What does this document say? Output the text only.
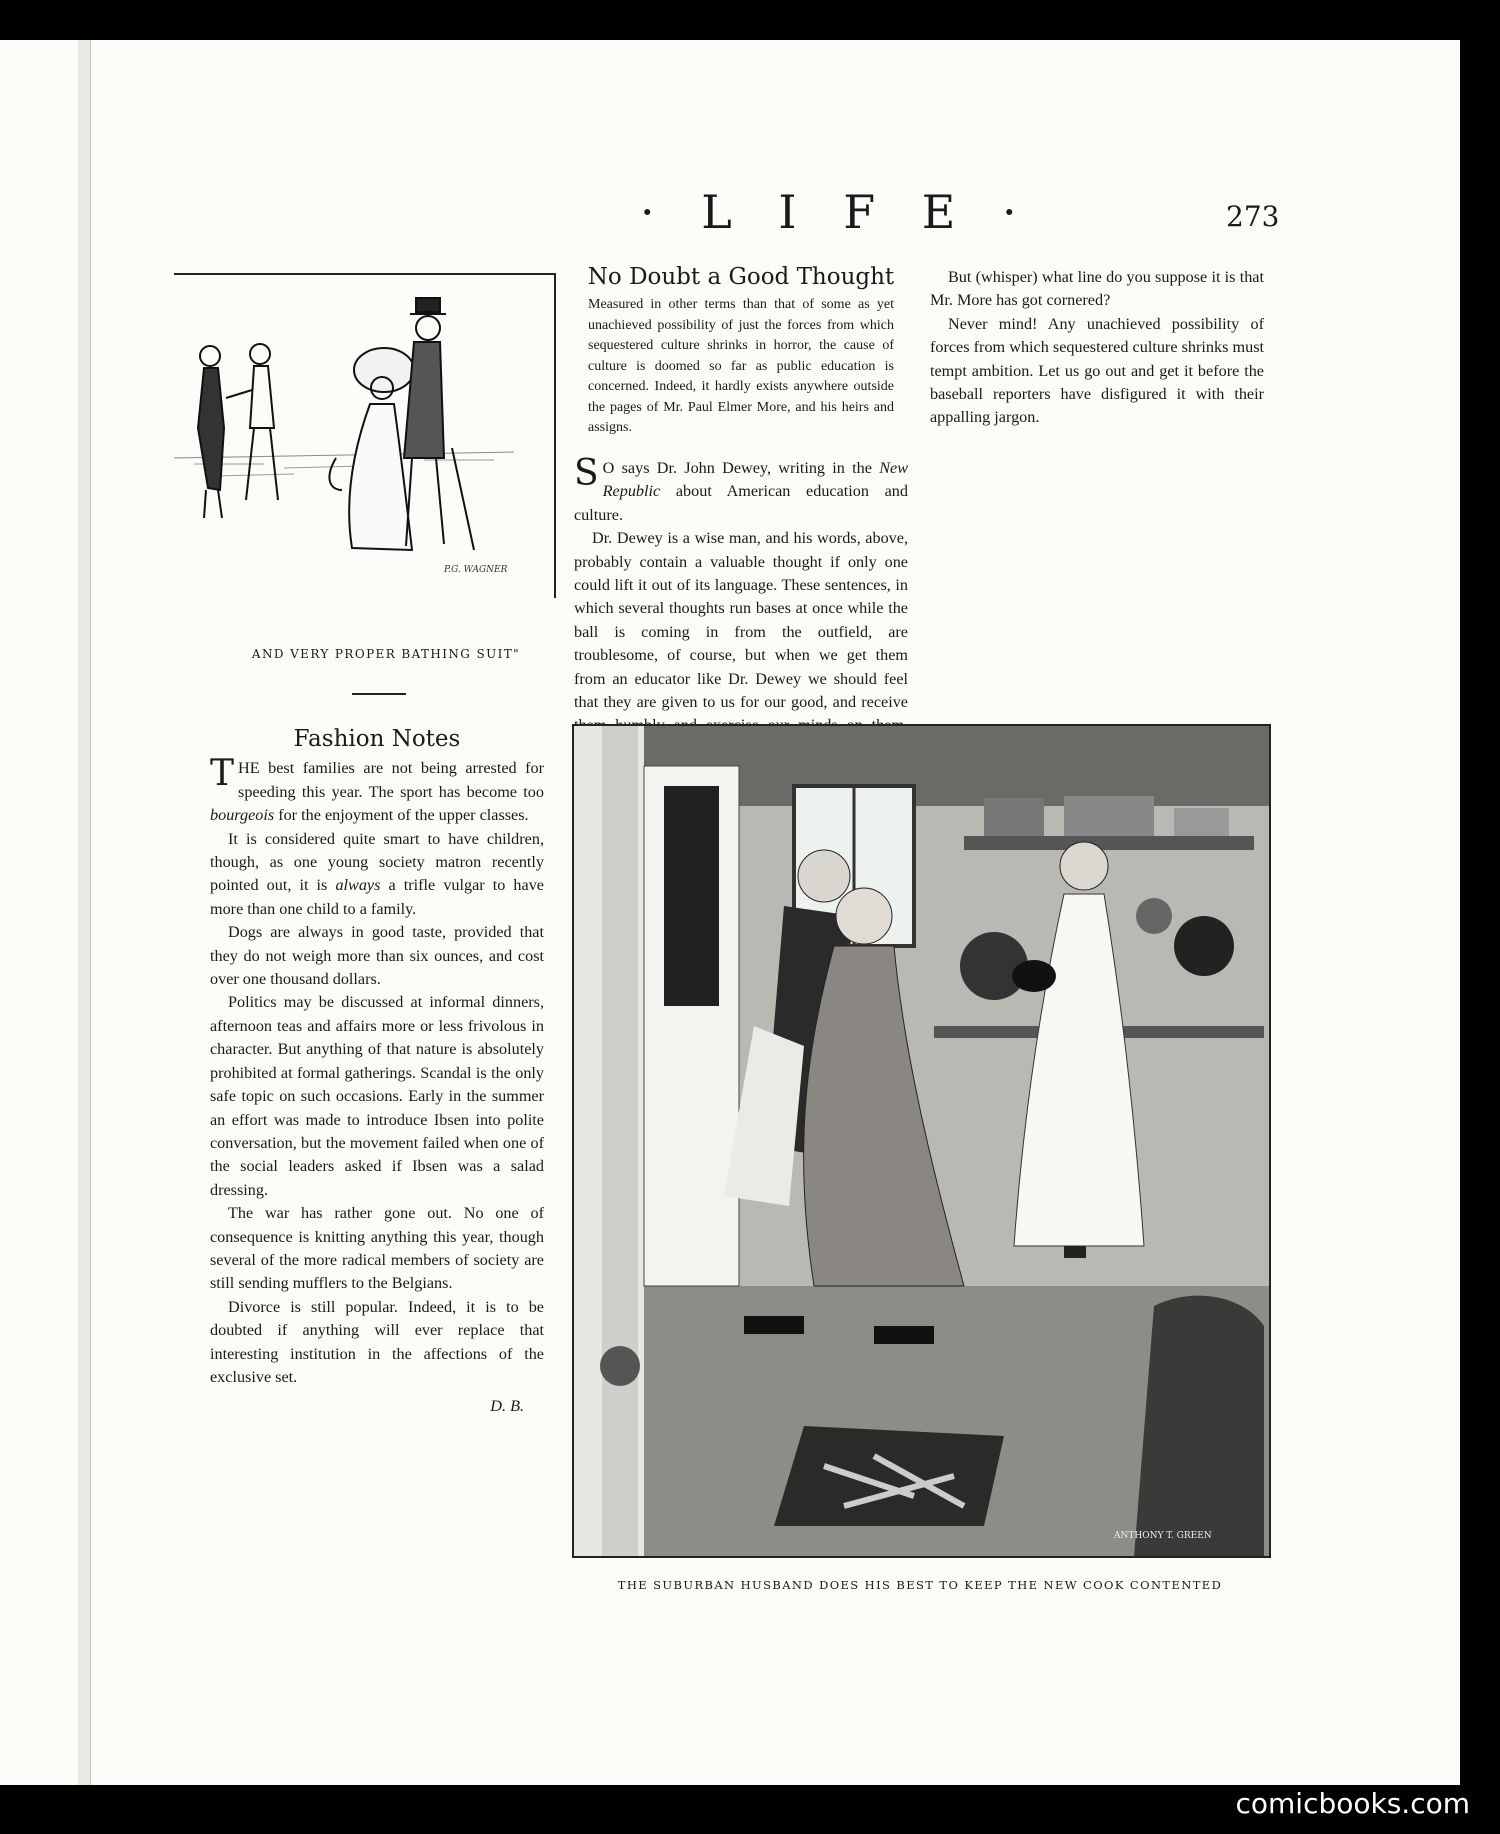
· L I F E ·	273
P.G. WAGNER
AND VERY PROPER BATHING SUIT"
No Doubt a Good Thought
Measured in other terms than that of some as yet unachieved possibility of just the forces from which sequestered culture shrinks in horror, the cause of culture is doomed so far as public education is concerned. Indeed, it hardly exists anywhere outside the pages of Mr. Paul Elmer More, and his heirs and assigns.

S O says Dr. John Dewey, writing in the New Republic about American education and culture.

Dr. Dewey is a wise man, and his words, above, probably contain a valuable thought if only one could lift it out of its language. These sentences, in which several thoughts run bases at once while the ball is coming in from the outfield, are troublesome, of course, but when we get them from an educator like Dr. Dewey we should feel that they are given to us for our good, and receive

But (whisper) what line do you suppose it is that Mr. More has got cornered?

Never mind! Any unachieved possibility of forces from which sequestered culture shrinks must tempt ambition. Let us go out and get it before the baseball reporters have disfigured it with their appalling jargon.

Fashion Notes

THE best families are not being arrested for speeding this year. The sport has become too bourgeois for the enjoyment of the upper classes.

It is considered quite smart to have children, though, as one young society matron recently pointed out, it is always a trifle vulgar to have more than one child to a family.

Dogs are always in good taste, provided that they do not weigh more than six ounces, and cost over one thousand dollars.

Politics may be discussed at informal dinners, afternoon teas and affairs more or less frivolous in character. But anything of that nature is absolutely prohibited at formal gatherings. Scandal is the only safe topic on such occasions. Early in the summer an effort was made to introduce Ibsen into polite conversation, but the movement failed when one of the social leaders asked if Ibsen was a salad dressing.

The war has rather gone out. No one of consequence is knitting anything this year, though several of the more radical members of society are still sending mufflers to the Belgians.

Divorce is still popular. Indeed, it is to be doubted if anything will ever replace that interesting institution in the affections of the exclusive set.

D. B.
ANTHONY T. GREEN
THE SUBURBAN HUSBAND DOES HIS BEST TO KEEP THE NEW COOK CONTENTED
comicbooks.com
